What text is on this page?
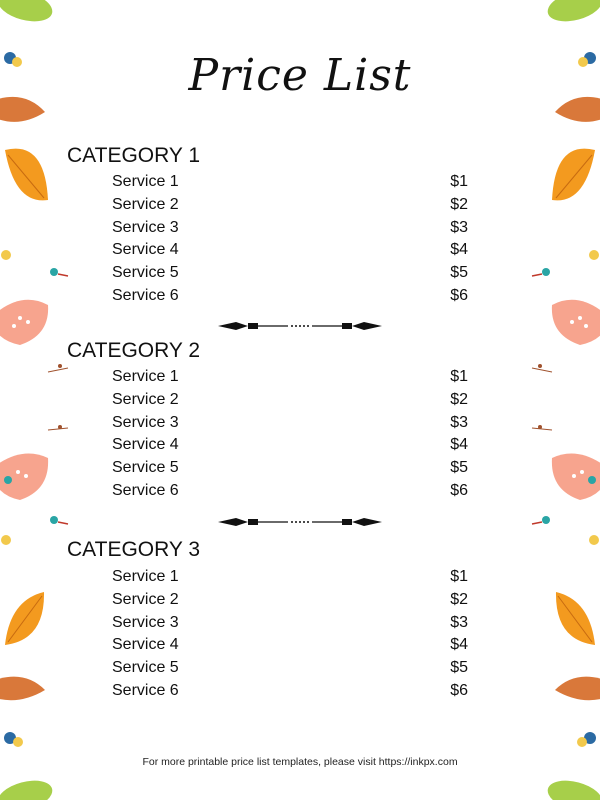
Price List
CATEGORY 1
Service 1	$1
Service 2	$2
Service 3	$3
Service 4	$4
Service 5	$5
Service 6	$6
CATEGORY 2
Service 1	$1
Service 2	$2
Service 3	$3
Service 4	$4
Service 5	$5
Service 6	$6
CATEGORY 3
Service 1	$1
Service 2	$2
Service 3	$3
Service 4	$4
Service 5	$5
Service 6	$6
For more printable price list templates, please visit https://inkpx.com
